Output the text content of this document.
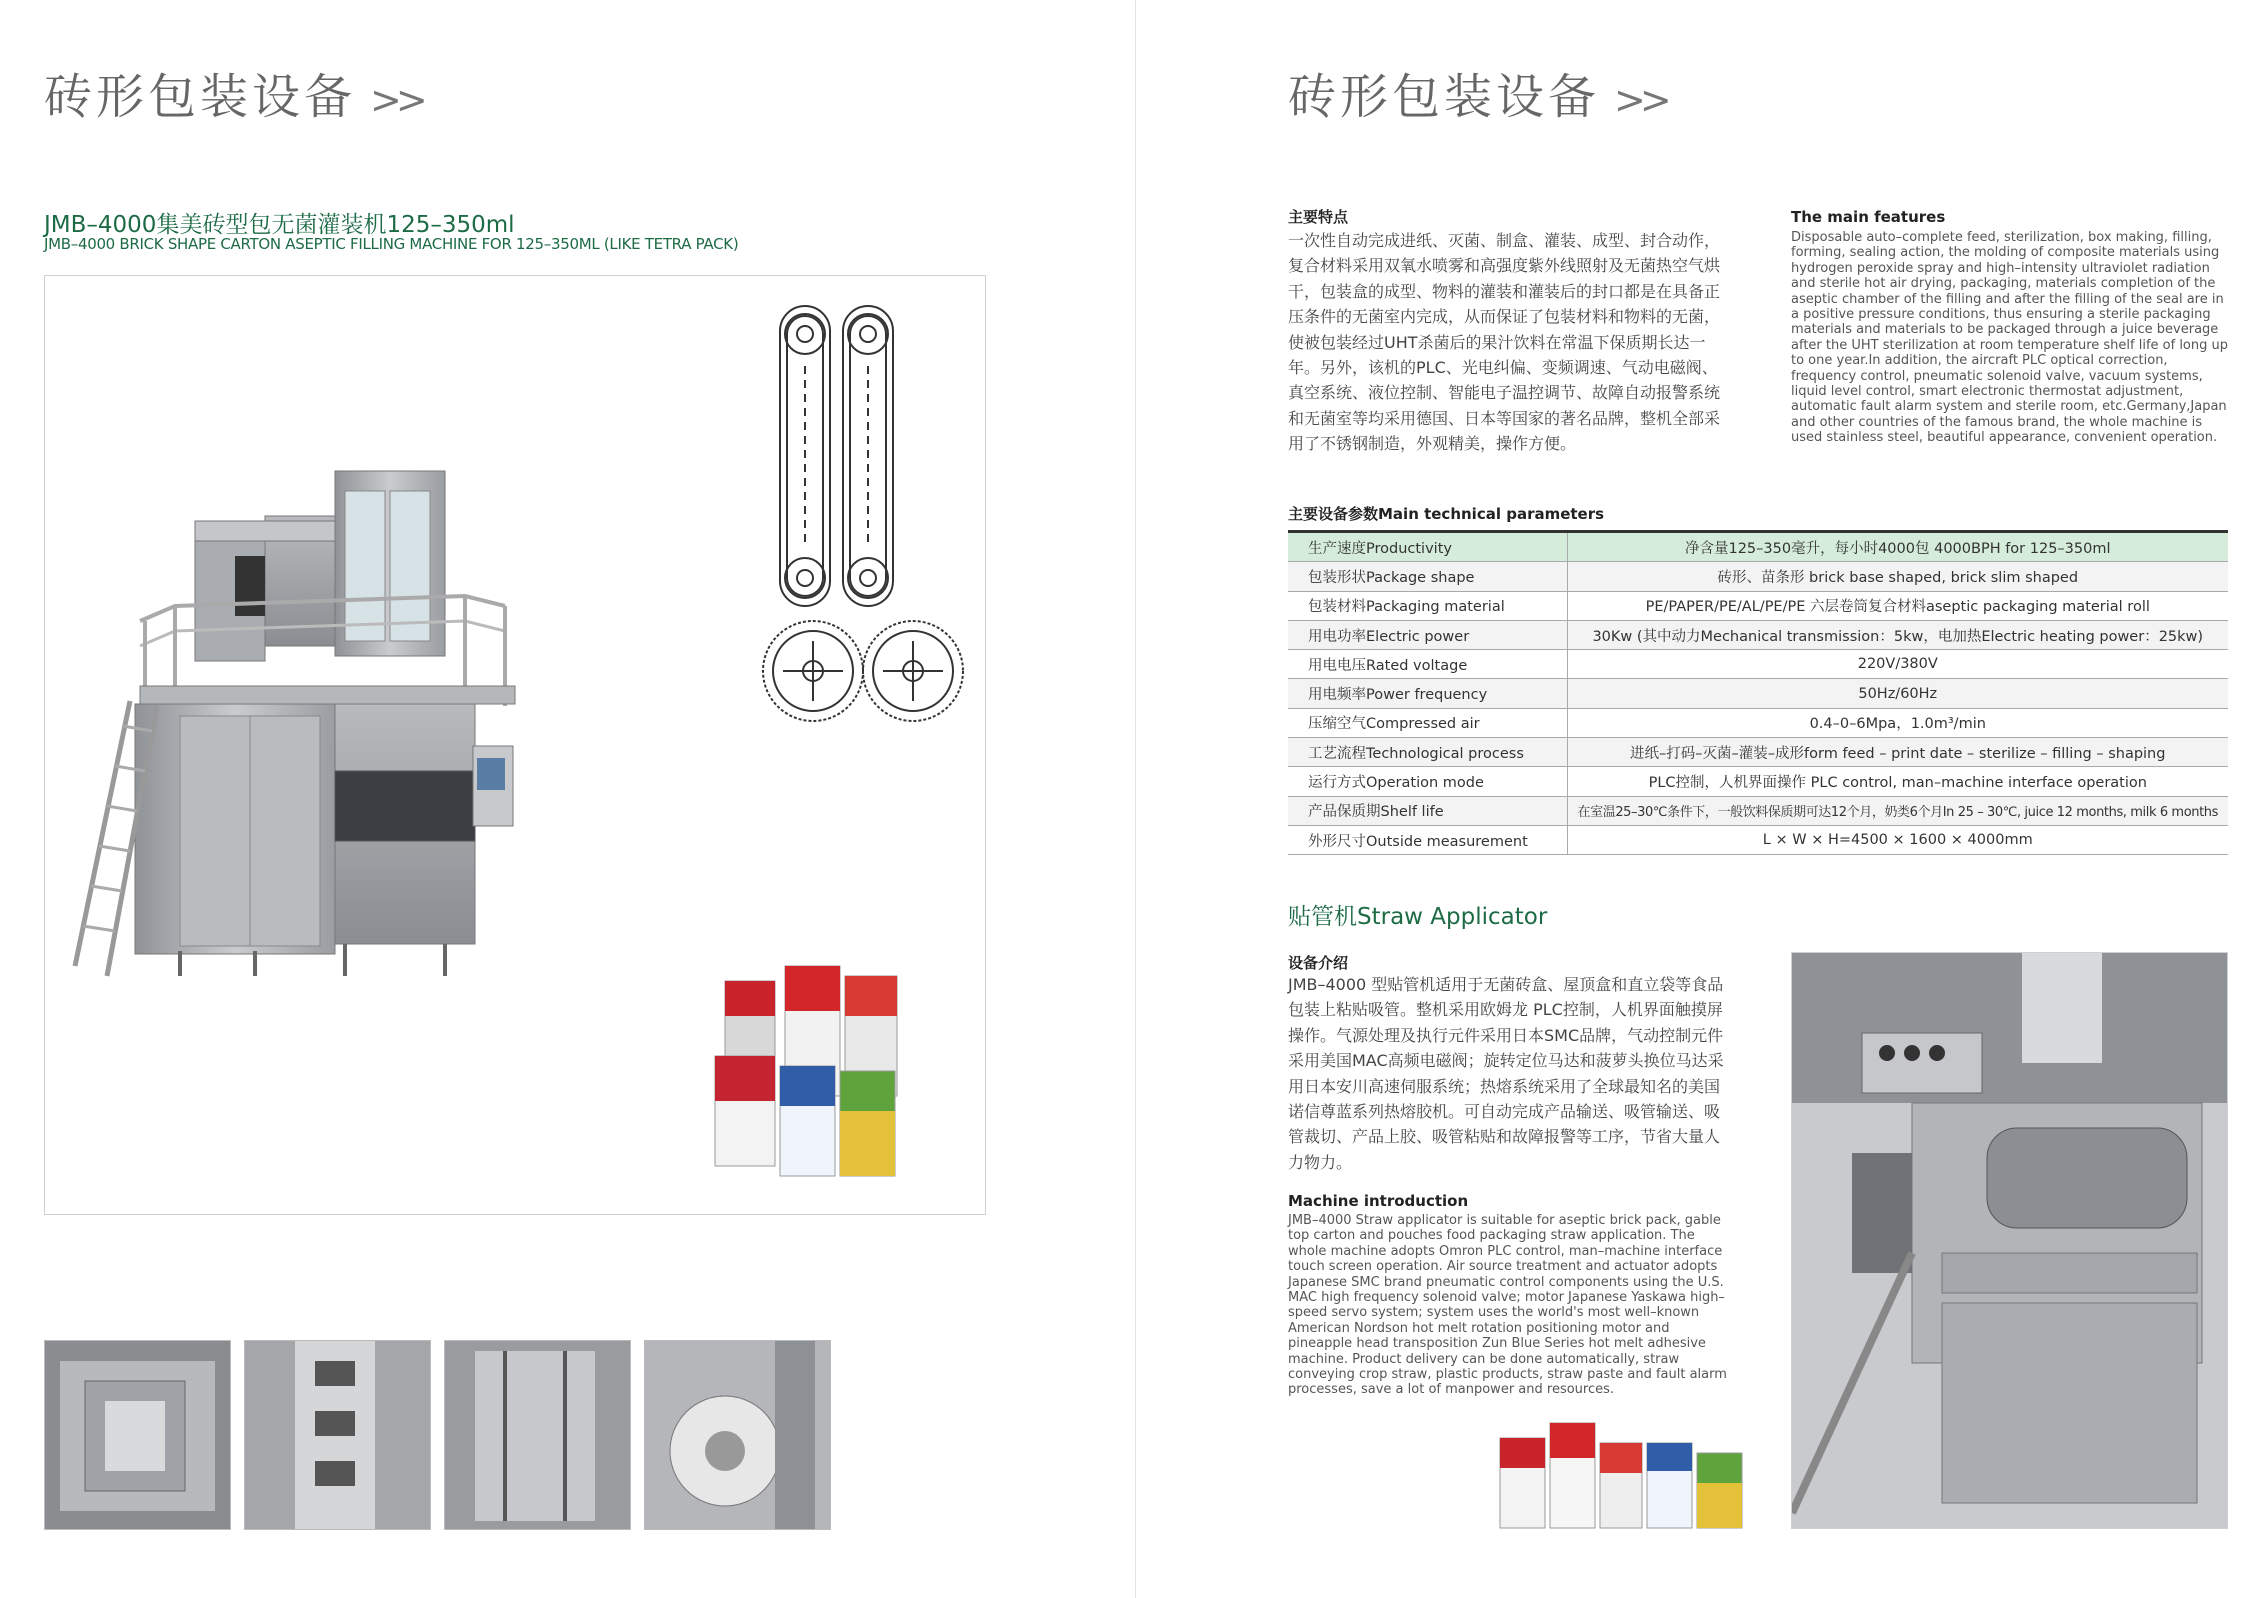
砖形包装设备 >>
JMB–4000集美砖型包无菌灌装机125–350ml
JMB–4000 BRICK SHAPE CARTON ASEPTIC FILLING MACHINE FOR 125–350ML (LIKE TETRA PACK)
砖形包装设备 >>
主要特点
一次性自动完成进纸、灭菌、制盒、灌装、成型、封合动作，复合材料采用双氧水喷雾和高强度紫外线照射及无菌热空气烘干，包装盒的成型、物料的灌装和灌装后的封口都是在具备正压条件的无菌室内完成，从而保证了包装材料和物料的无菌，使被包装经过UHT杀菌后的果汁饮料在常温下保质期长达一年。另外，该机的PLC、光电纠偏、变频调速、气动电磁阀、真空系统、液位控制、智能电子温控调节、故障自动报警系统和无菌室等均采用德国、日本等国家的著名品牌，整机全部采用了不锈钢制造，外观精美，操作方便。
The main features
Disposable auto–complete feed, sterilization, box making, filling, forming, sealing action, the molding of composite materials using hydrogen peroxide spray and high–intensity ultraviolet radiation and sterile hot air drying, packaging, materials completion of the aseptic chamber of the filling and after the filling of the seal are in a positive pressure conditions, thus ensuring a sterile packaging materials and materials to be packaged through a juice beverage after the UHT sterilization at room temperature shelf life of long up to one year.In addition, the aircraft PLC optical correction, frequency control, pneumatic solenoid valve, vacuum systems, liquid level control, smart electronic thermostat adjustment, automatic fault alarm system and sterile room, etc.Germany,Japan and other countries of the famous brand, the whole machine is used stainless steel, beautiful appearance, convenient operation.
主要设备参数Main technical parameters
生产速度Productivity	净含量125–350毫升，每小时4000包 4000BPH for 125–350ml
包装形状Package shape	砖形、苗条形 brick base shaped, brick slim shaped
包装材料Packaging material	PE/PAPER/PE/AL/PE/PE 六层卷筒复合材料aseptic packaging material roll
用电功率Electric power	30Kw (其中动力Mechanical transmission：5kw，电加热Electric heating power：25kw)
用电电压Rated voltage	220V/380V
用电频率Power frequency	50Hz/60Hz
压缩空气Compressed air	0.4–0–6Mpa，1.0m³/min
工艺流程Technological process	进纸–打码–灭菌–灌装–成形form feed – print date – sterilize – filling – shaping
运行方式Operation mode	PLC控制，人机界面操作 PLC control, man–machine interface operation
产品保质期Shelf life	在室温25–30℃条件下，一般饮料保质期可达12个月，奶类6个月In 25 – 30℃, juice 12 months, milk 6 months
外形尺寸Outside measurement	L × W × H=4500 × 1600 × 4000mm
贴管机Straw Applicator
设备介绍
JMB–4000 型贴管机适用于无菌砖盒、屋顶盒和直立袋等食品包装上粘贴吸管。整机采用欧姆龙 PLC控制，人机界面触摸屏操作。气源处理及执行元件采用日本SMC品牌，气动控制元件采用美国MAC高频电磁阀；旋转定位马达和菠萝头换位马达采用日本安川高速伺服系统；热熔系统采用了全球最知名的美国诺信尊蓝系列热熔胶机。可自动完成产品输送、吸管输送、吸管裁切、产品上胶、吸管粘贴和故障报警等工序，节省大量人力物力。
Machine introduction
JMB–4000 Straw applicator is suitable for aseptic brick pack, gable top carton and pouches food packaging straw application. The whole machine adopts Omron PLC control, man–machine interface touch screen operation. Air source treatment and actuator adopts Japanese SMC brand pneumatic control components using the U.S. MAC high frequency solenoid valve; motor Japanese Yaskawa high–speed servo system; system uses the world's most well–known American Nordson hot melt rotation positioning motor and pineapple head transposition Zun Blue Series hot melt adhesive machine. Product delivery can be done automatically, straw conveying crop straw, plastic products, straw paste and fault alarm processes, save a lot of manpower and resources.
